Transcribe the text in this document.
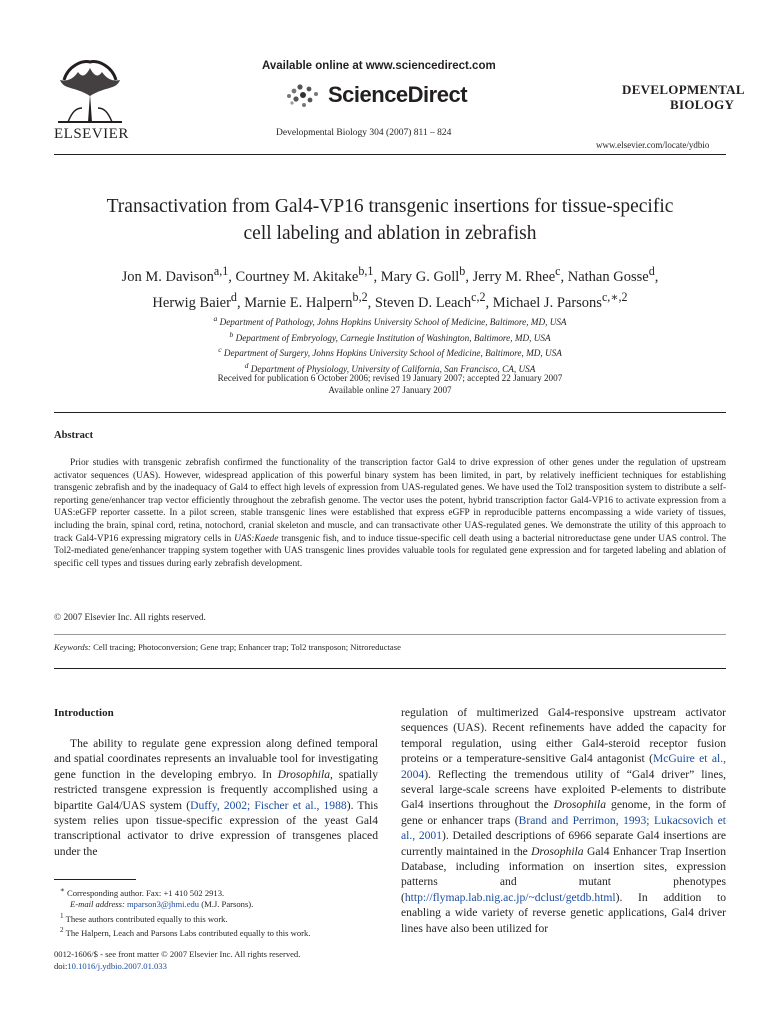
ELSEVIER
Available online at www.sciencedirect.com
ScienceDirect
Developmental Biology 304 (2007) 811 – 824
DEVELOPMENTAL
BIOLOGY
www.elsevier.com/locate/ydbio
Transactivation from Gal4-VP16 transgenic insertions for tissue-specific
cell labeling and ablation in zebrafish
Jon M. Davison$^{a,1}$, Courtney M. Akitake$^{b,1}$, Mary G. Goll$^b$, Jerry M. Rhee$^c$, Nathan Gosse$^d$,
Herwig Baier$^d$, Marnie E. Halpern$^{b,2}$, Steven D. Leach$^{c,2}$, Michael J. Parsons$^{c,∗,2}$
$^a$ Department of Pathology, Johns Hopkins University School of Medicine, Baltimore, MD, USA
$^b$ Department of Embryology, Carnegie Institution of Washington, Baltimore, MD, USA
$^c$ Department of Surgery, Johns Hopkins University School of Medicine, Baltimore, MD, USA
$^d$ Department of Physiology, University of California, San Francisco, CA, USA
Received for publication 6 October 2006; revised 19 January 2007; accepted 22 January 2007
Available online 27 January 2007
Abstract

Prior studies with transgenic zebrafish confirmed the functionality of the transcription factor Gal4 to drive expression of other genes under the regulation of upstream activator sequences (UAS). However, widespread application of this powerful binary system has been limited, in part, by relatively inefficient techniques for establishing transgenic zebrafish and by the inadequacy of Gal4 to effect high levels of expression from UAS-regulated genes. We have used the Tol2 transposition system to distribute a self-reporting gene/enhancer trap vector efficiently throughout the zebrafish genome. The vector uses the potent, hybrid transcription factor Gal4-VP16 to activate expression from a UAS:eGFP reporter cassette. In a pilot screen, stable transgenic lines were established that express eGFP in reproducible patterns encompassing a wide variety of tissues, including the brain, spinal cord, retina, notochord, cranial skeleton and muscle, and can transactivate other UAS-regulated genes. We demonstrate the utility of this approach to track Gal4-VP16 expressing migratory cells in UAS:Kaede transgenic fish, and to induce tissue-specific cell death using a bacterial nitroreductase gene under UAS control. The Tol2-mediated gene/enhancer trapping system together with UAS transgenic lines provides valuable tools for regulated gene expression and for targeted labeling and ablation of specific cell types and tissues during early zebrafish development.

© 2007 Elsevier Inc. All rights reserved.
Keywords: Cell tracing; Photoconversion; Gene trap; Enhancer trap; Tol2 transposon; Nitroreductase
Introduction

The ability to regulate gene expression along defined temporal and spatial coordinates represents an invaluable tool for investigating gene function in the developing embryo. In Drosophila, spatially restricted transgene expression is frequently accomplished using a bipartite Gal4/UAS system (Duffy, 2002; Fischer et al., 1988). This system relies upon tissue-specific expression of the yeast Gal4 transcriptional activator to drive expression of transgenes placed under the

regulation of multimerized Gal4-responsive upstream activator sequences (UAS). Recent refinements have added the capacity for temporal regulation, using either Gal4-steroid receptor fusion proteins or a temperature-sensitive Gal4 antagonist (McGuire et al., 2004). Reflecting the tremendous utility of “Gal4 driver” lines, several large-scale screens have exploited P-elements to distribute Gal4 insertions throughout the Drosophila genome, in the form of gene or enhancer traps (Brand and Perrimon, 1993; Lukacsovich et al., 2001). Detailed descriptions of 6966 separate Gal4 insertions are currently maintained in the Drosophila Gal4 Enhancer Trap Insertion Database, including information on insertion sites, expression patterns and mutant phenotypes (http://flymap.lab.nig.ac.jp/~dclust/getdb.html). In addition to enabling a wide variety of reverse genetic applications, Gal4 driver lines have also been utilized for

∗ Corresponding author. Fax: +1 410 502 2913.
E-mail address: mparson3@jhmi.edu (M.J. Parsons).
$^1$ These authors contributed equally to this work.
$^2$ The Halpern, Leach and Parsons Labs contributed equally to this work.
0012-1606/$ - see front matter © 2007 Elsevier Inc. All rights reserved.
doi:10.1016/j.ydbio.2007.01.033
